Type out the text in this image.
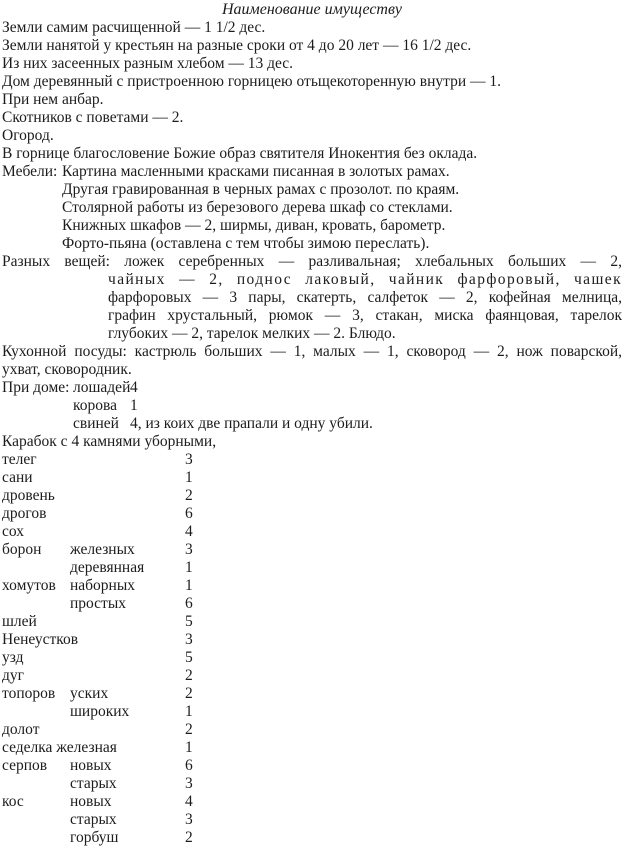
Наименование имуществу
Земли самим расчищенной — 1 1/2 дес.
Земли нанятой у крестьян на разные сроки от 4 до 20 лет — 16 1/2 дес.
Из них засеенных разным хлебом — 13 дес.
Дом деревянный с пристроенною горницею отьщекоторенную внутри — 1.
При нем анбар.
Скотников с поветами — 2.
Огород.
В горнице благословение Божие образ святителя Инокентия без оклада.
Мебели: Картина масленными красками писанная в золотых рамах.
Другая гравированная в черных рамах с прозолот. по краям.
Столярной работы из березового дерева шкаф со стеклами.
Книжных шкафов — 2, ширмы, диван, кровать, барометр.
Форто-пьяна (оставлена с тем чтобы зимою переслать).
Разных вещей: ложек серебренных — разливальная; хлебальных больших — 2,
чайных — 2, поднос лаковый, чайник фарфоровый, чашек
фарфоровых — 3 пары, скатерть, салфеток — 2, кофейная мелница,
графин хрустальный, рюмок — 3, стакан, миска фаянцовая, тарелок
глубоких — 2, тарелок мелких — 2. Блюдо.
Кухонной посуды: кастрюль больших — 1, малых — 1, сковород — 2, нож поварской,
ухват, сковородник.
При доме: лошадей 4
корова 1
свиней 4, из коих две прапали и одну убили.
Карабок с 4 камнями уборными,
телег	3
сани	1
дровень	2
дрогов	6
сох	4
борон железных	3
деревянная	1
хомутов наборных	1
простых	6
шлей	5
Ненеустков	3
узд	5
дуг	2
топоров уских	2
широких	1
долот	2
седелка железная	1
серпов новых	6
старых	3
кос	новых	4
старых	3
горбуш	2
